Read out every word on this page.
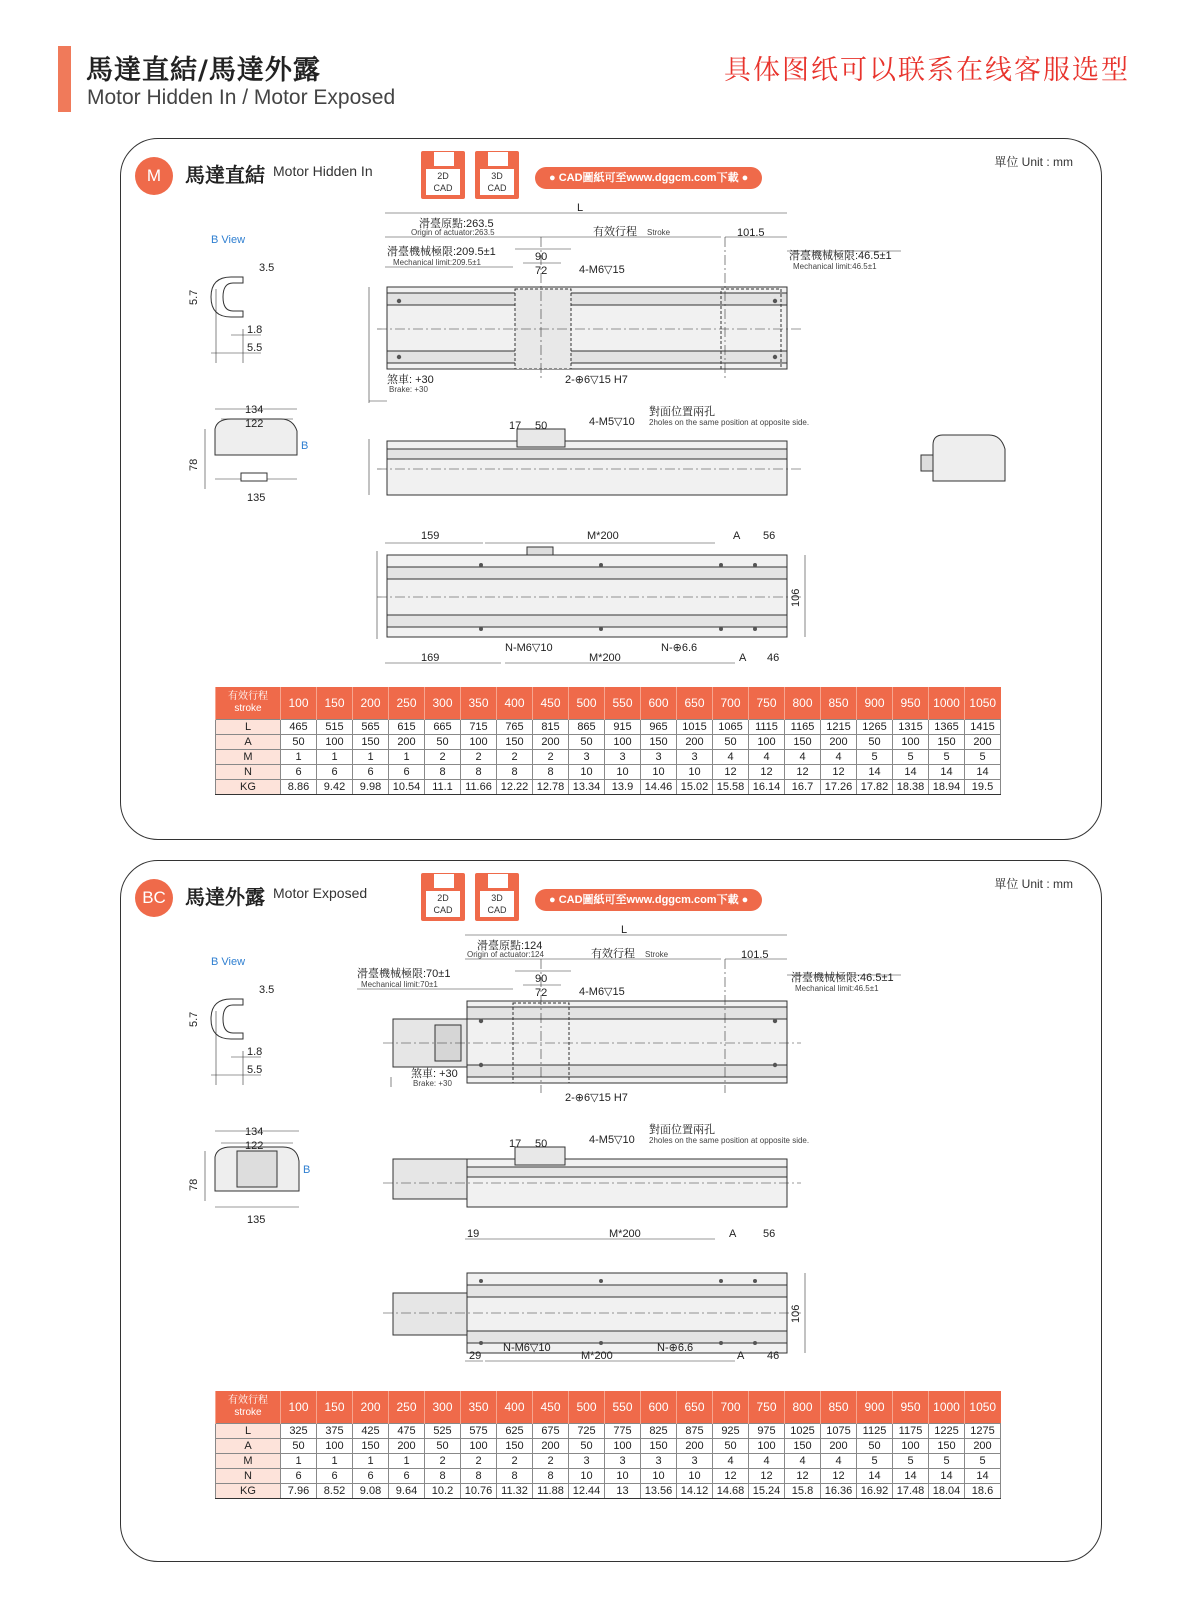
馬達直結/馬達外露
Motor Hidden In / Motor Exposed
具体图纸可以联系在线客服选型
M	馬達直結 Motor Hidden In
單位 Unit : mm
2D
CAD
3D
CAD
● CAD圖紙可至www.dggcm.com下載 ●
B View
3.5
5.7
1.8
5.5
134
122
78
135
B
L
滑臺原點:263.5
Origin of actuator:263.5	有效行程 Stroke	101.5
滑臺機械極限:209.5±1
Mechanical limit:209.5±1	90
72	4-M6▽15
滑臺機械極限:46.5±1
Mechanical limit:46.5±1
煞車: +30
Brake: +30
2-⊕6▽15 H7
17 50	4-M5▽10
對面位置兩孔
2holes on the same position at opposite side.
159	M*200	A 56
106
N-M6▽10	N-⊕6.6
169	M*200	A 46
有效行程
stroke	100	150	200	250	300	350	400	450	500	550	600	650	700	750	800	850	900	950	1000	1050
L	465	515	565	615	665	715	765	815	865	915	965	1015	1065	1115	1165	1215	1265	1315	1365	1415
A	50	100	150	200	50	100	150	200	50	100	150	200	50	100	150	200	50	100	150	200
M	1	1	1	1	2	2	2	2	3	3	3	3	4	4	4	4	5	5	5	5
N	6	6	6	6	8	8	8	8	10	10	10	10	12	12	12	12	14	14	14	14
KG	8.86	9.42	9.98	10.54	11.1	11.66	12.22	12.78	13.34	13.9	14.46	15.02	15.58	16.14	16.7	17.26	17.82	18.38	18.94	19.5
BC 馬達外露 Motor Exposed
單位 Unit : mm
2D
CAD
3D
CAD
● CAD圖紙可至www.dggcm.com下載 ●
B View
3.5
5.7
1.8
5.5
134
122
78
135
B
L
滑臺原點:124
Origin of actuator:124	有效行程 Stroke	101.5
滑臺機械極限:70±1
Mechanical limit:70±1	90
72	4-M6▽15
滑臺機械極限:46.5±1
Mechanical limit:46.5±1
煞車: +30
Brake: +30
2-⊕6▽15 H7
17 50	4-M5▽10
對面位置兩孔
2holes on the same position at opposite side.
19	M*200	A 56
106
N-M6▽10	N-⊕6.6
29	M*200	A 46
有效行程
stroke	100	150	200	250	300	350	400	450	500	550	600	650	700	750	800	850	900	950	1000	1050
L	325	375	425	475	525	575	625	675	725	775	825	875	925	975	1025	1075	1125	1175	1225	1275
A	50	100	150	200	50	100	150	200	50	100	150	200	50	100	150	200	50	100	150	200
M	1	1	1	1	2	2	2	2	3	3	3	3	4	4	4	4	5	5	5	5
N	6	6	6	6	8	8	8	8	10	10	10	10	12	12	12	12	14	14	14	14
KG	7.96	8.52	9.08	9.64	10.2	10.76	11.32	11.88	12.44	13	13.56	14.12	14.68	15.24	15.8	16.36	16.92	17.48	18.04	18.6
